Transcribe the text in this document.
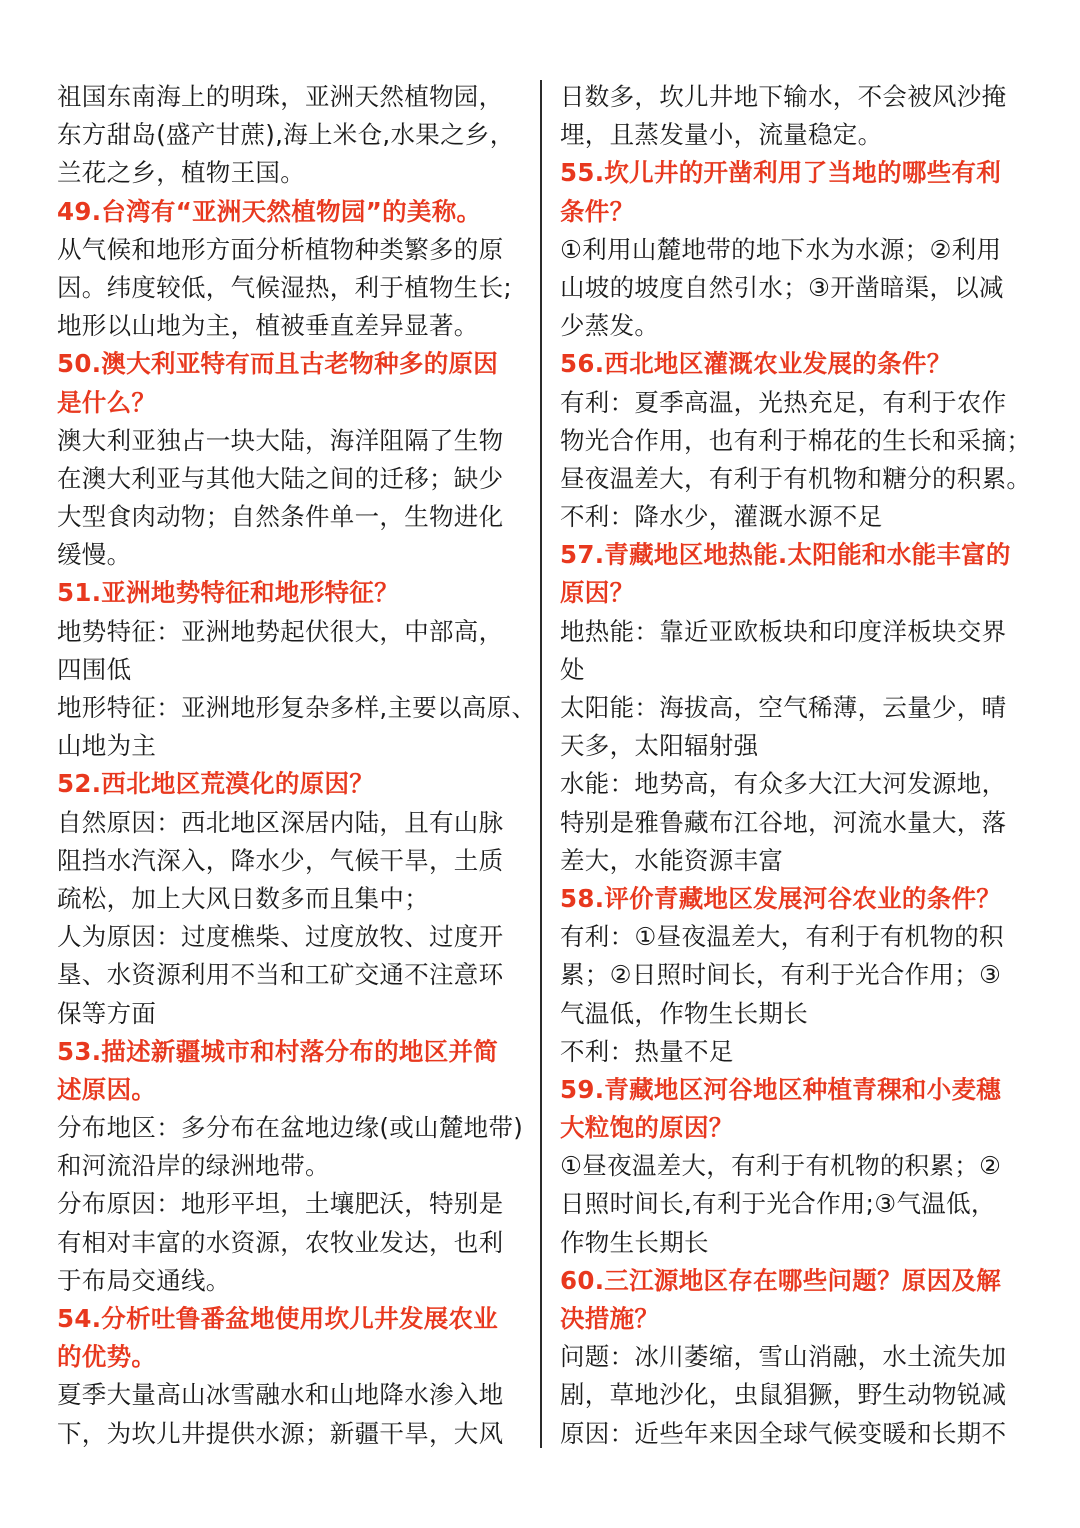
祖国东南海上的明珠，亚洲天然植物园，
东方甜岛(盛产甘蔗),海上米仓,水果之乡，
兰花之乡，植物王国。
49.台湾有“亚洲天然植物园”的美称。
从气候和地形方面分析植物种类繁多的原
因。纬度较低，气候湿热，利于植物生长;
地形以山地为主，植被垂直差异显著。
50.澳大利亚特有而且古老物种多的原因
是什么？
澳大利亚独占一块大陆，海洋阻隔了生物
在澳大利亚与其他大陆之间的迁移；缺少
大型食肉动物；自然条件单一，生物进化
缓慢。
51.亚洲地势特征和地形特征？
地势特征：亚洲地势起伏很大，中部高，
四围低
地形特征：亚洲地形复杂多样,主要以高原、
山地为主
52.西北地区荒漠化的原因？
自然原因：西北地区深居内陆，且有山脉
阻挡水汽深入，降水少，气候干旱，土质
疏松，加上大风日数多而且集中；
人为原因：过度樵柴、过度放牧、过度开
垦、水资源利用不当和工矿交通不注意环
保等方面
53.描述新疆城市和村落分布的地区并简
述原因。
分布地区：多分布在盆地边缘(或山麓地带)
和河流沿岸的绿洲地带。
分布原因：地形平坦，土壤肥沃，特别是
有相对丰富的水资源，农牧业发达，也利
于布局交通线。
54.分析吐鲁番盆地使用坎儿井发展农业
的优势。
夏季大量高山冰雪融水和山地降水渗入地
下，为坎儿井提供水源；新疆干旱，大风
日数多，坎儿井地下输水，不会被风沙掩
埋，且蒸发量小，流量稳定。
55.坎儿井的开凿利用了当地的哪些有利
条件？
①利用山麓地带的地下水为水源；②利用
山坡的坡度自然引水；③开凿暗渠，以减
少蒸发。
56.西北地区灌溉农业发展的条件？
有利：夏季高温，光热充足，有利于农作
物光合作用，也有利于棉花的生长和采摘；
昼夜温差大，有利于有机物和糖分的积累。
不利：降水少，灌溉水源不足
57.青藏地区地热能.太阳能和水能丰富的
原因？
地热能：靠近亚欧板块和印度洋板块交界
处
太阳能：海拔高，空气稀薄，云量少，晴
天多，太阳辐射强
水能：地势高，有众多大江大河发源地，
特别是雅鲁藏布江谷地，河流水量大，落
差大，水能资源丰富
58.评价青藏地区发展河谷农业的条件？
有利：①昼夜温差大，有利于有机物的积
累；②日照时间长，有利于光合作用；③
气温低，作物生长期长
不利：热量不足
59.青藏地区河谷地区种植青稞和小麦穗
大粒饱的原因？
①昼夜温差大，有利于有机物的积累；②
日照时间长,有利于光合作用;③气温低，
作物生长期长
60.三江源地区存在哪些问题？原因及解
决措施？
问题：冰川萎缩，雪山消融，水土流失加
剧，草地沙化，虫鼠猖獗，野生动物锐减
原因：近些年来因全球气候变暖和长期不
